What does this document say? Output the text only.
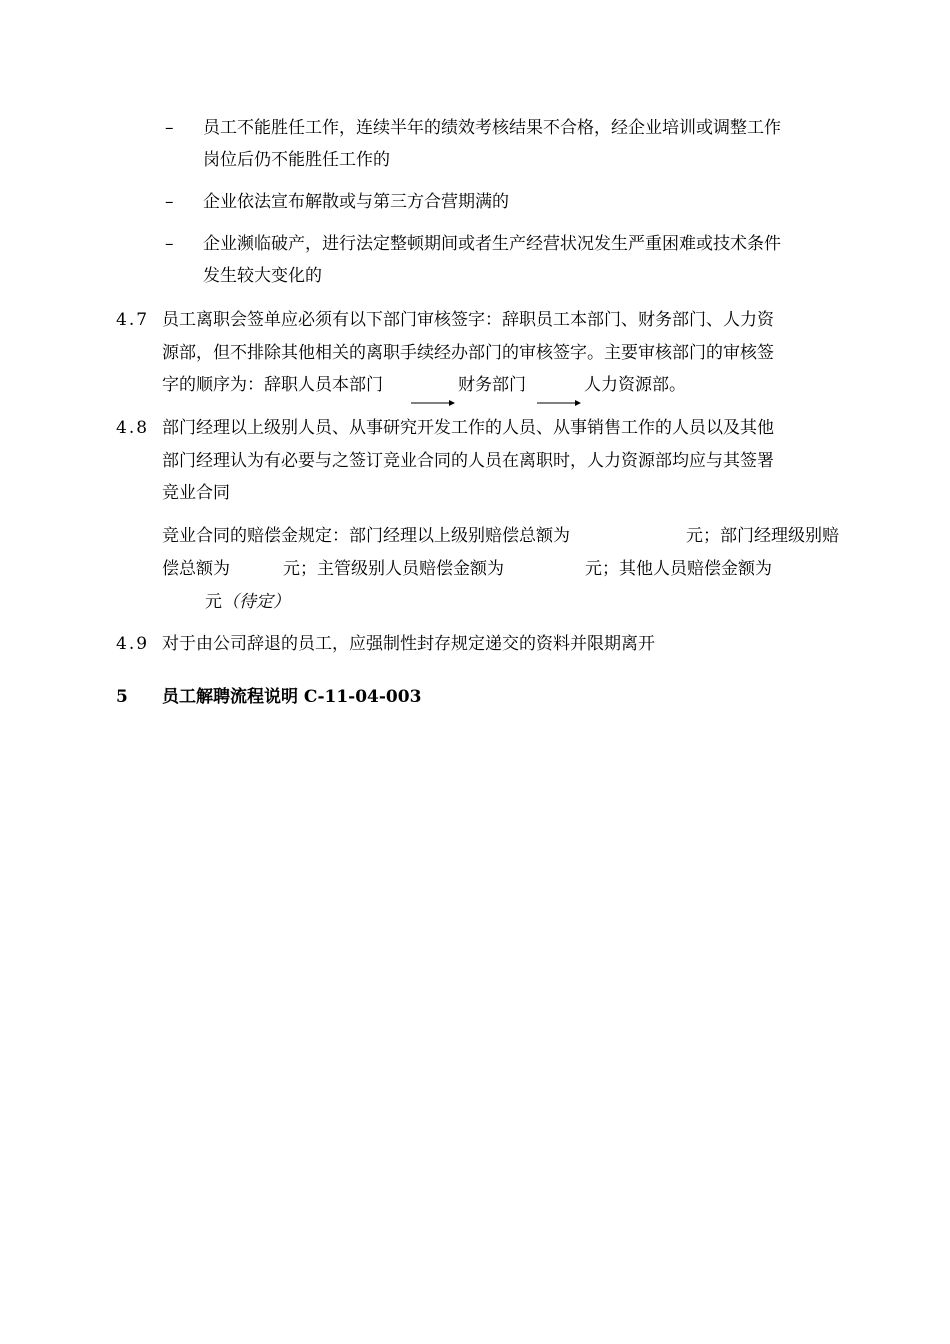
– 员工不能胜任工作，连续半年的绩效考核结果不合格，经企业培训或调整工作
岗位后仍不能胜任工作的
– 企业依法宣布解散或与第三方合营期满的
– 企业濒临破产，进行法定整顿期间或者生产经营状况发生严重困难或技术条件
发生较大变化的
4.7 员工离职会签单应必须有以下部门审核签字：辞职员工本部门、财务部门、人力资
源部，但不排除其他相关的离职手续经办部门的审核签字。主要审核部门的审核签
字的顺序为：辞职人员本部门	财务部门	人力资源部。
4.8 部门经理以上级别人员、从事研究开发工作的人员、从事销售工作的人员以及其他
部门经理认为有必要与之签订竞业合同的人员在离职时，人力资源部均应与其签署
竞业合同
竞业合同的赔偿金规定：部门经理以上级别赔偿总额为	元；部门经理级别赔
偿总额为	元；主管级别人员赔偿金额为	元；其他人员赔偿金额为
元 （待定）
4.9 对于由公司辞退的员工，应强制性封存规定递交的资料并限期离开
5 员工解聘流程说明 C-11-04-003
